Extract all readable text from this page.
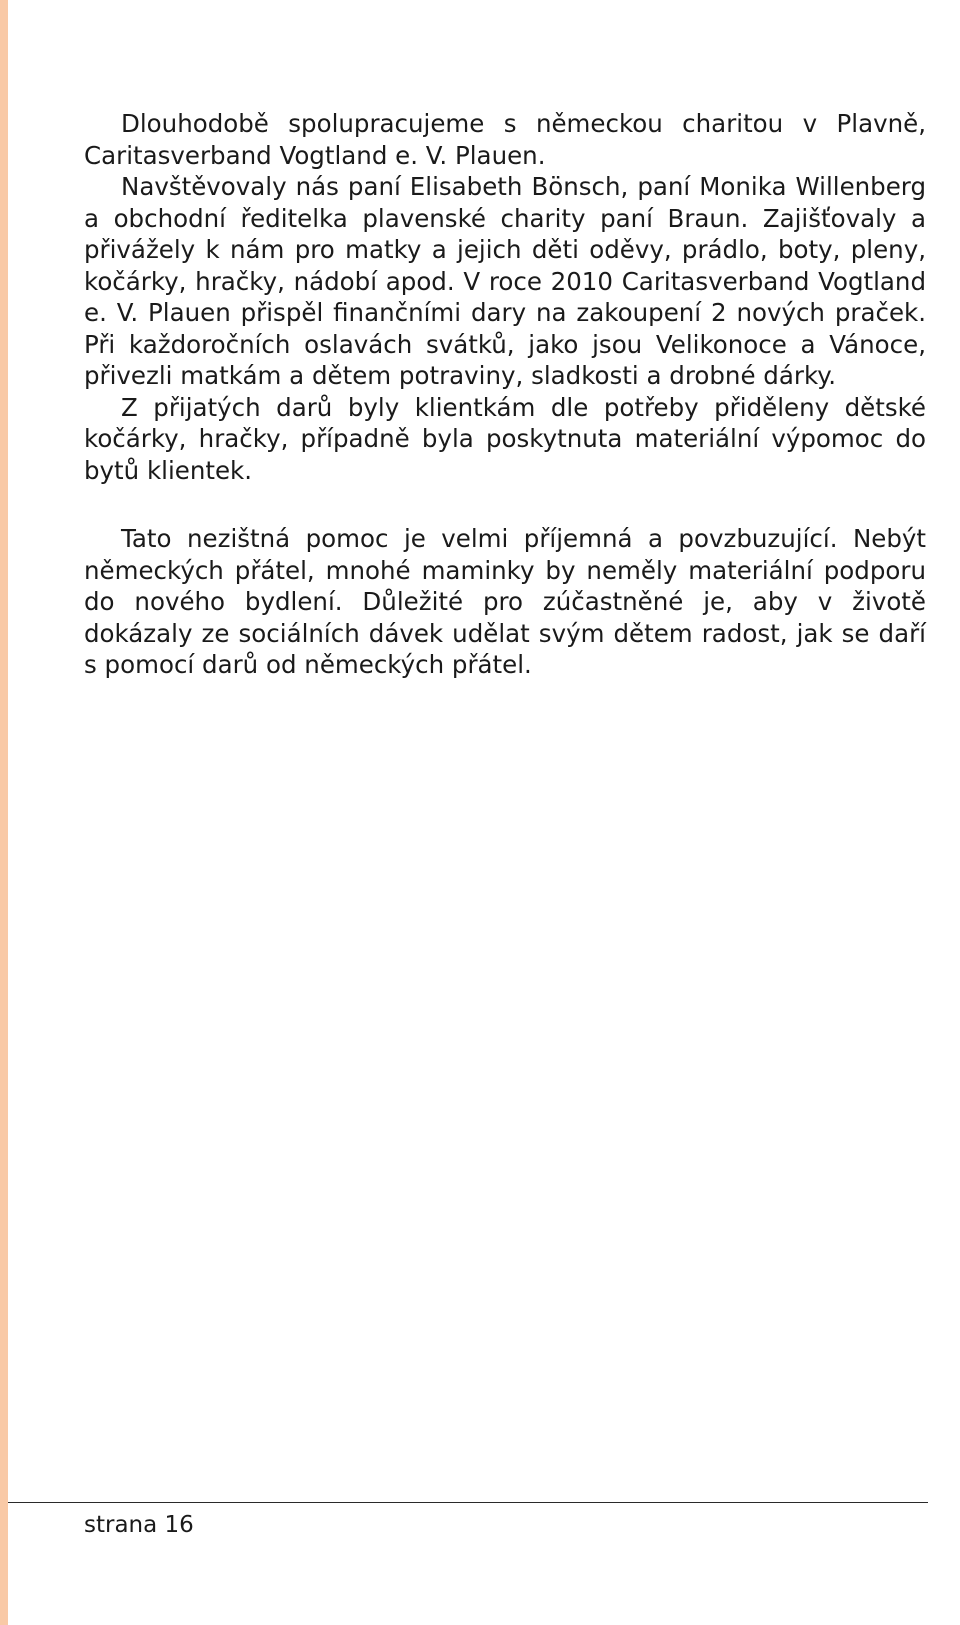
Dlouhodobě spolupracujeme s německou charitou v Plavně, Caritasverband Vogtland e. V. Plauen.

Navštěvovaly nás paní Elisabeth Bönsch, paní Monika Willenberg a obchodní ředitelka plavenské charity paní Braun. Zajišťovaly a přivážely k nám pro matky a jejich děti oděvy, prádlo, boty, pleny, kočárky, hračky, nádobí apod. V roce 2010 Caritasverband Vogtland e. V. Plauen přispěl finančními dary na zakoupení 2 nových praček. Při každoročních oslavách svátků, jako jsou Velikonoce a Vánoce, přivezli matkám a dětem potraviny, sladkosti a drobné dárky.

Z přijatých darů byly klientkám dle potřeby přiděleny dětské kočárky, hračky, případně byla poskytnuta materiální výpomoc do bytů klientek.

Tato nezištná pomoc je velmi příjemná a povzbuzující. Nebýt německých přátel, mnohé maminky by neměly materiální podporu do nového bydlení. Důležité pro zúčastněné je, aby v životě dokázaly ze sociálních dávek udělat svým dětem radost, jak se daří s pomocí darů od německých přátel.

strana 16
